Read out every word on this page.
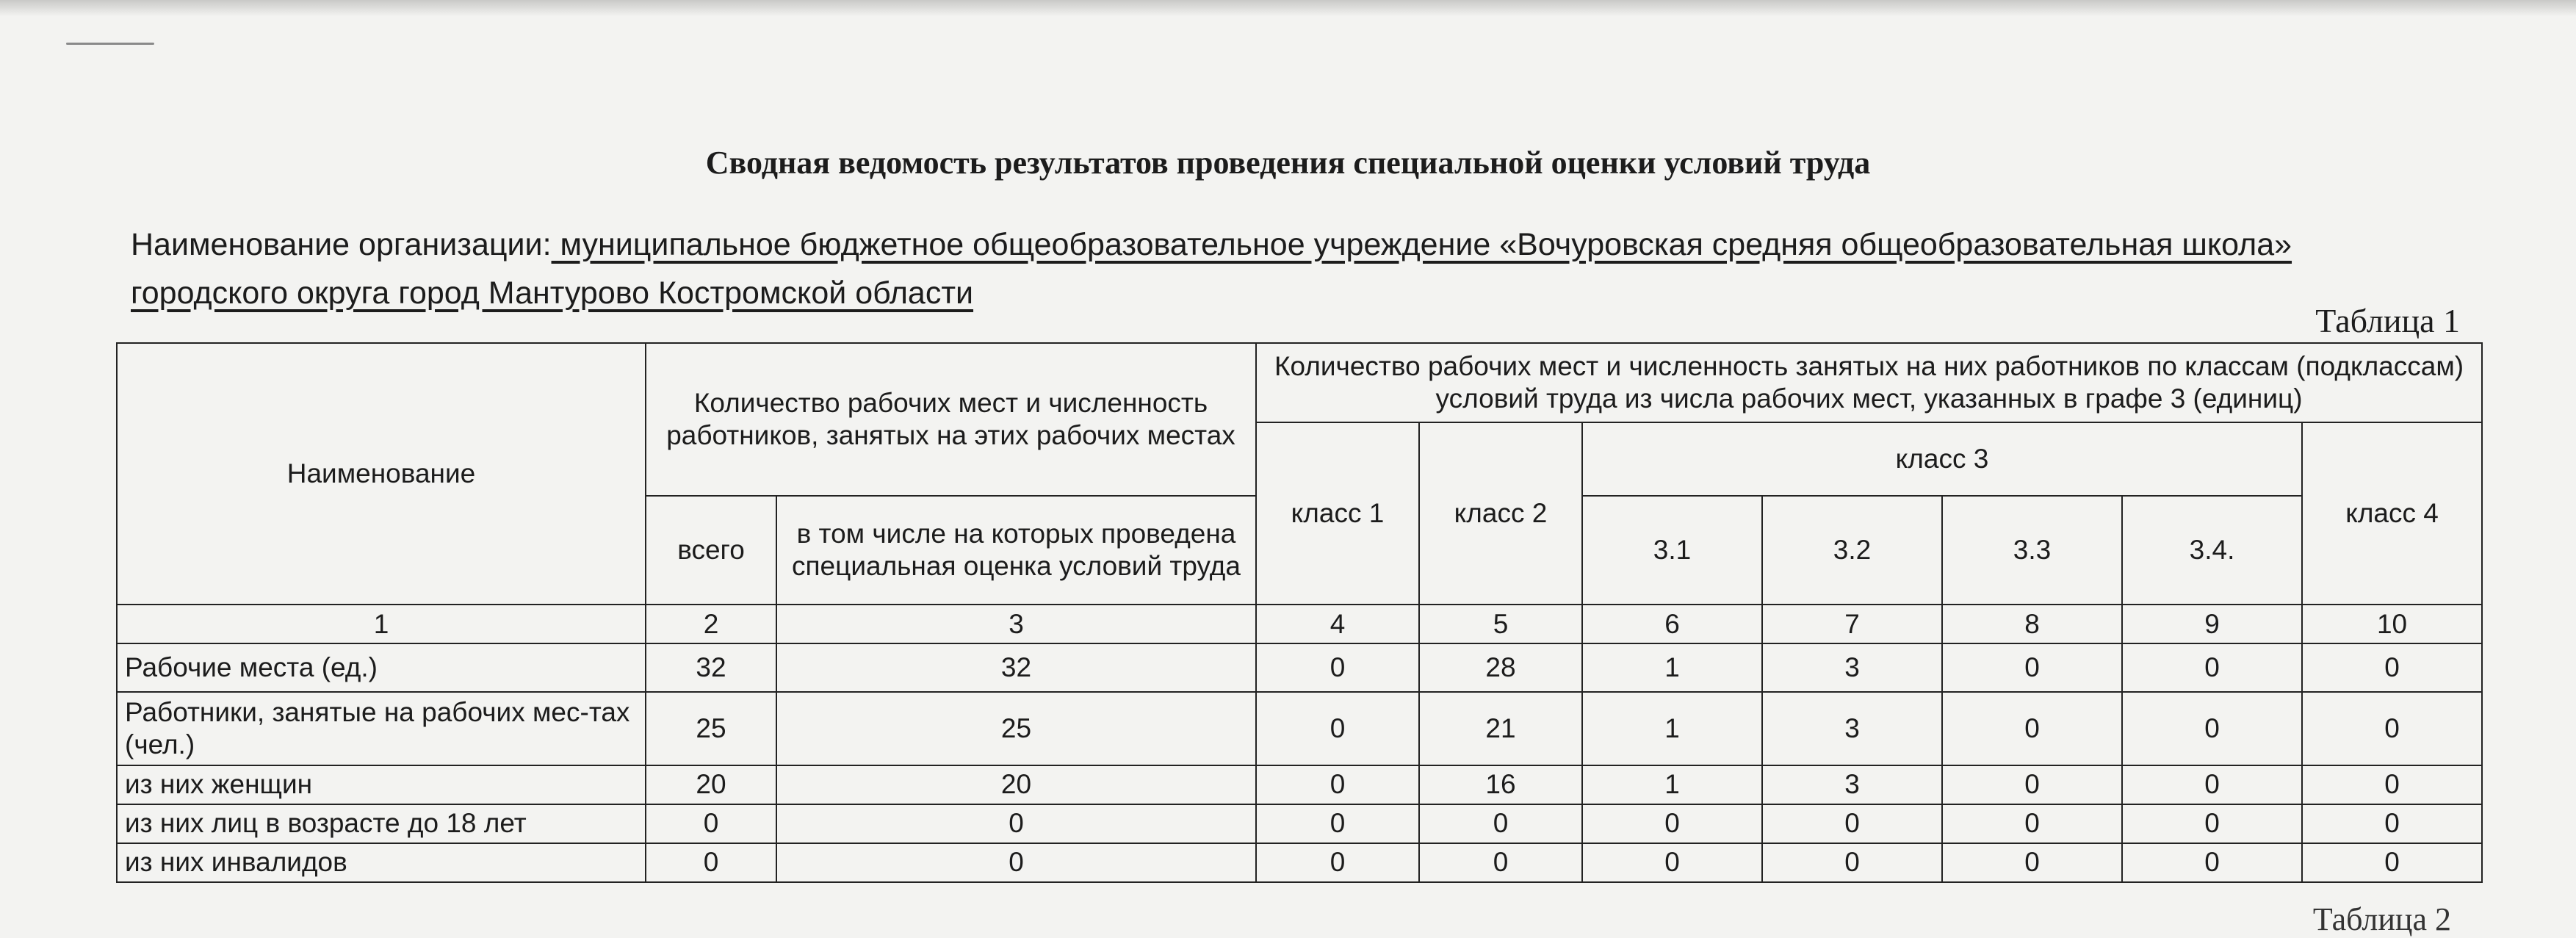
Сводная ведомость результатов проведения специальной оценки условий труда
Наименование организации: муниципальное бюджетное общеобразовательное учреждение «Вочуровская средняя общеобразовательная школа»
городского округа город Мантурово Костромской области
Таблица 1
Наименование	Количество рабочих мест и численность работников, занятых на этих рабочих местах		Количество рабочих мест и численность занятых на них работников по классам (подклассам) условий труда из числа рабочих мест, указанных в графе 3 (единиц)						
			класс 1	класс 2	класс 3				класс 4
	всего	в том числе на которых проведена специальная оценка условий труда			3.1	3.2	3.3	3.4.	
1	2	3	4	5	6	7	8	9	10
Рабочие места (ед.)	32	32	0	28	1	3	0	0	0
Работники, занятые на рабочих мес-тах (чел.)	25	25	0	21	1	3	0	0	0
из них женщин	20	20	0	16	1	3	0	0	0
из них лиц в возрасте до 18 лет	0	0	0	0	0	0	0	0	0
из них инвалидов	0	0	0	0	0	0	0	0	0
Таблица 2
